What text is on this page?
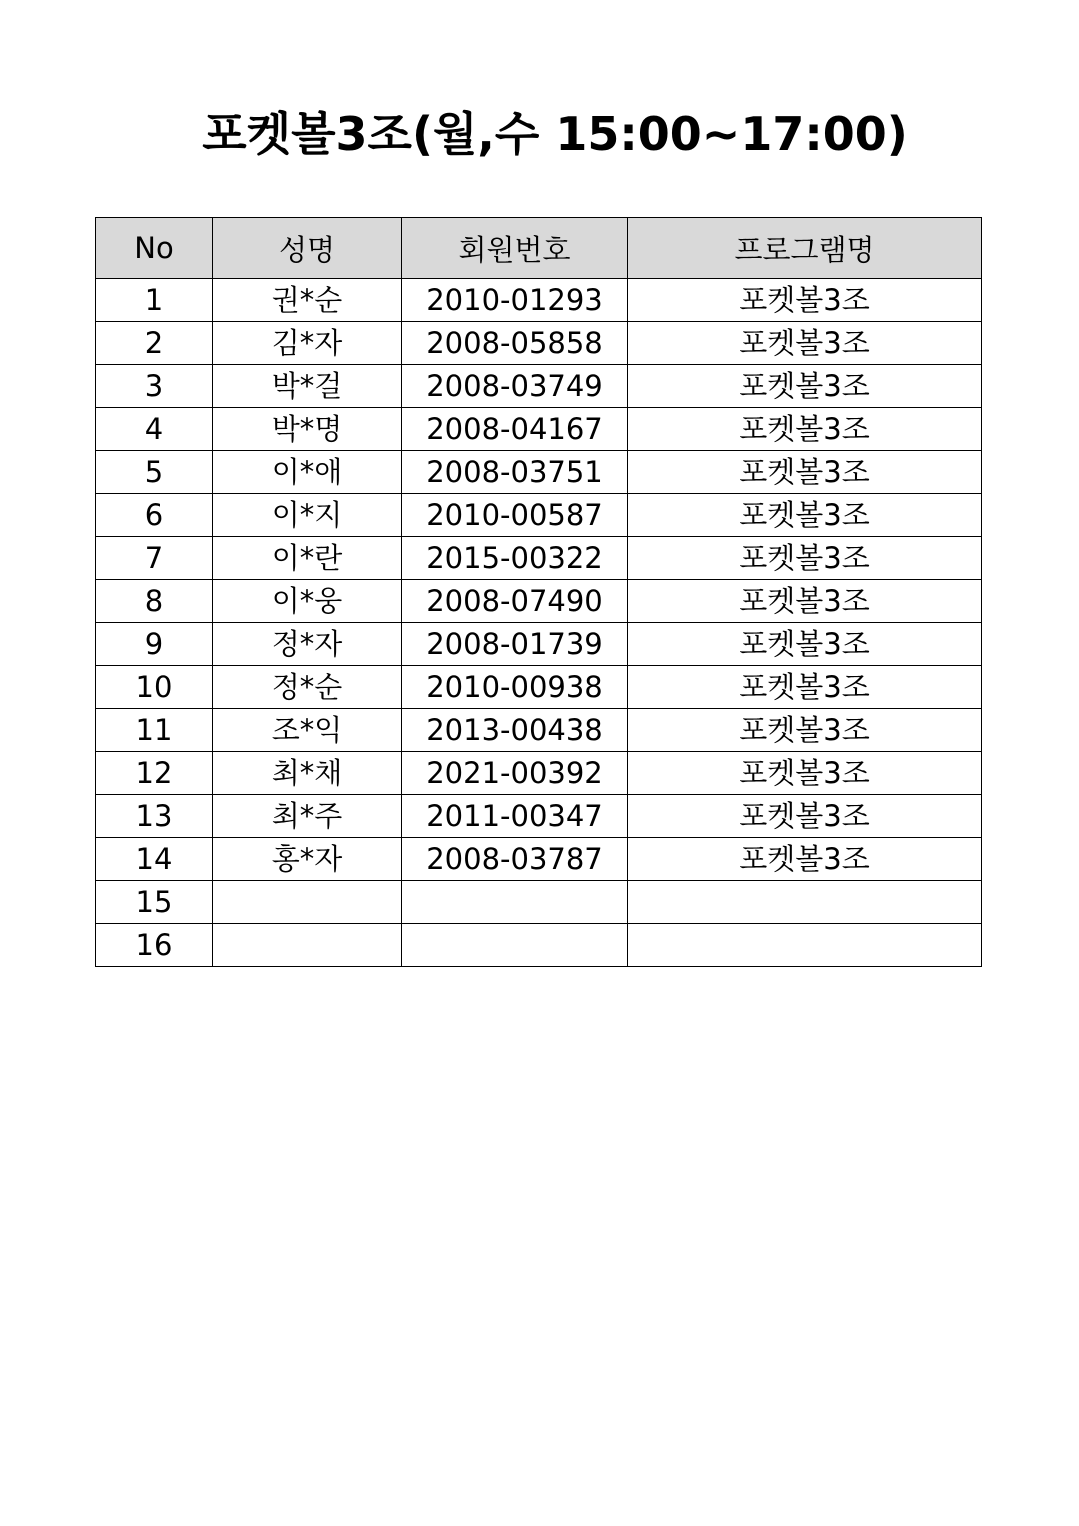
포켓볼3조(월,수 15:00~17:00)
No	성명	회원번호	프로그램명
1	권*순	2010-01293	포켓볼3조
2	김*자	2008-05858	포켓볼3조
3	박*걸	2008-03749	포켓볼3조
4	박*명	2008-04167	포켓볼3조
5	이*애	2008-03751	포켓볼3조
6	이*지	2010-00587	포켓볼3조
7	이*란	2015-00322	포켓볼3조
8	이*웅	2008-07490	포켓볼3조
9	정*자	2008-01739	포켓볼3조
10	정*순	2010-00938	포켓볼3조
11	조*익	2013-00438	포켓볼3조
12	최*채	2021-00392	포켓볼3조
13	최*주	2011-00347	포켓볼3조
14	홍*자	2008-03787	포켓볼3조
15			
16			
